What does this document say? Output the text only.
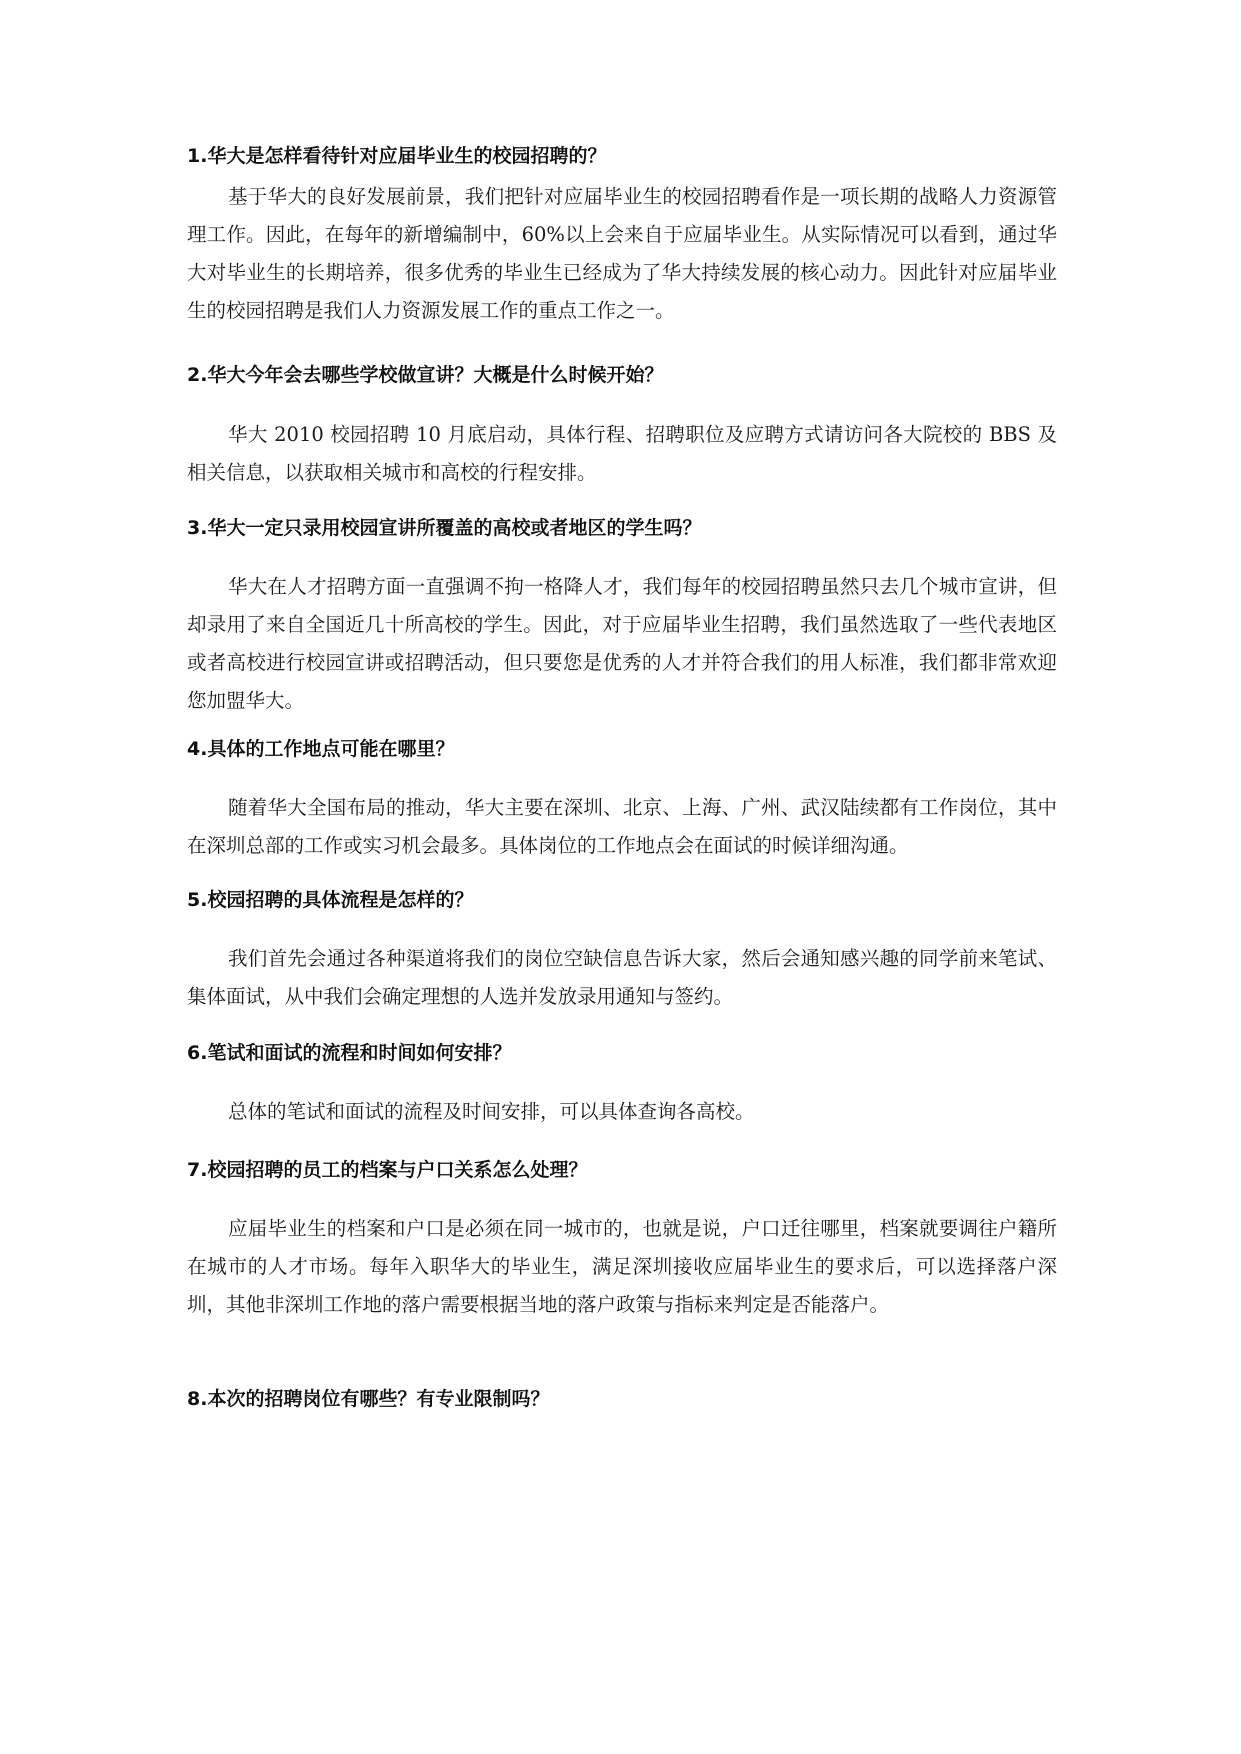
1.华大是怎样看待针对应届毕业生的校园招聘的？

基于华大的良好发展前景，我们把针对应届毕业生的校园招聘看作是一项长期的战略人力资源管理工作。因此，在每年的新增编制中，60%以上会来自于应届毕业生。从实际情况可以看到，通过华大对毕业生的长期培养，很多优秀的毕业生已经成为了华大持续发展的核心动力。因此针对应届毕业生的校园招聘是我们人力资源发展工作的重点工作之一。

2.华大今年会去哪些学校做宣讲？大概是什么时候开始？

华大 2010 校园招聘 10 月底启动，具体行程、招聘职位及应聘方式请访问各大院校的 BBS 及相关信息，以获取相关城市和高校的行程安排。

3.华大一定只录用校园宣讲所覆盖的高校或者地区的学生吗？

华大在人才招聘方面一直强调不拘一格降人才，我们每年的校园招聘虽然只去几个城市宣讲，但却录用了来自全国近几十所高校的学生。因此，对于应届毕业生招聘，我们虽然选取了一些代表地区或者高校进行校园宣讲或招聘活动，但只要您是优秀的人才并符合我们的用人标准，我们都非常欢迎您加盟华大。

4.具体的工作地点可能在哪里？

随着华大全国布局的推动，华大主要在深圳、北京、上海、广州、武汉陆续都有工作岗位，其中在深圳总部的工作或实习机会最多。具体岗位的工作地点会在面试的时候详细沟通。

5.校园招聘的具体流程是怎样的？

我们首先会通过各种渠道将我们的岗位空缺信息告诉大家，然后会通知感兴趣的同学前来笔试、集体面试，从中我们会确定理想的人选并发放录用通知与签约。

6.笔试和面试的流程和时间如何安排？

总体的笔试和面试的流程及时间安排，可以具体查询各高校。

7.校园招聘的员工的档案与户口关系怎么处理？

应届毕业生的档案和户口是必须在同一城市的，也就是说，户口迁往哪里，档案就要调往户籍所在城市的人才市场。每年入职华大的毕业生，满足深圳接收应届毕业生的要求后，可以选择落户深圳，其他非深圳工作地的落户需要根据当地的落户政策与指标来判定是否能落户。

8.本次的招聘岗位有哪些？有专业限制吗？
